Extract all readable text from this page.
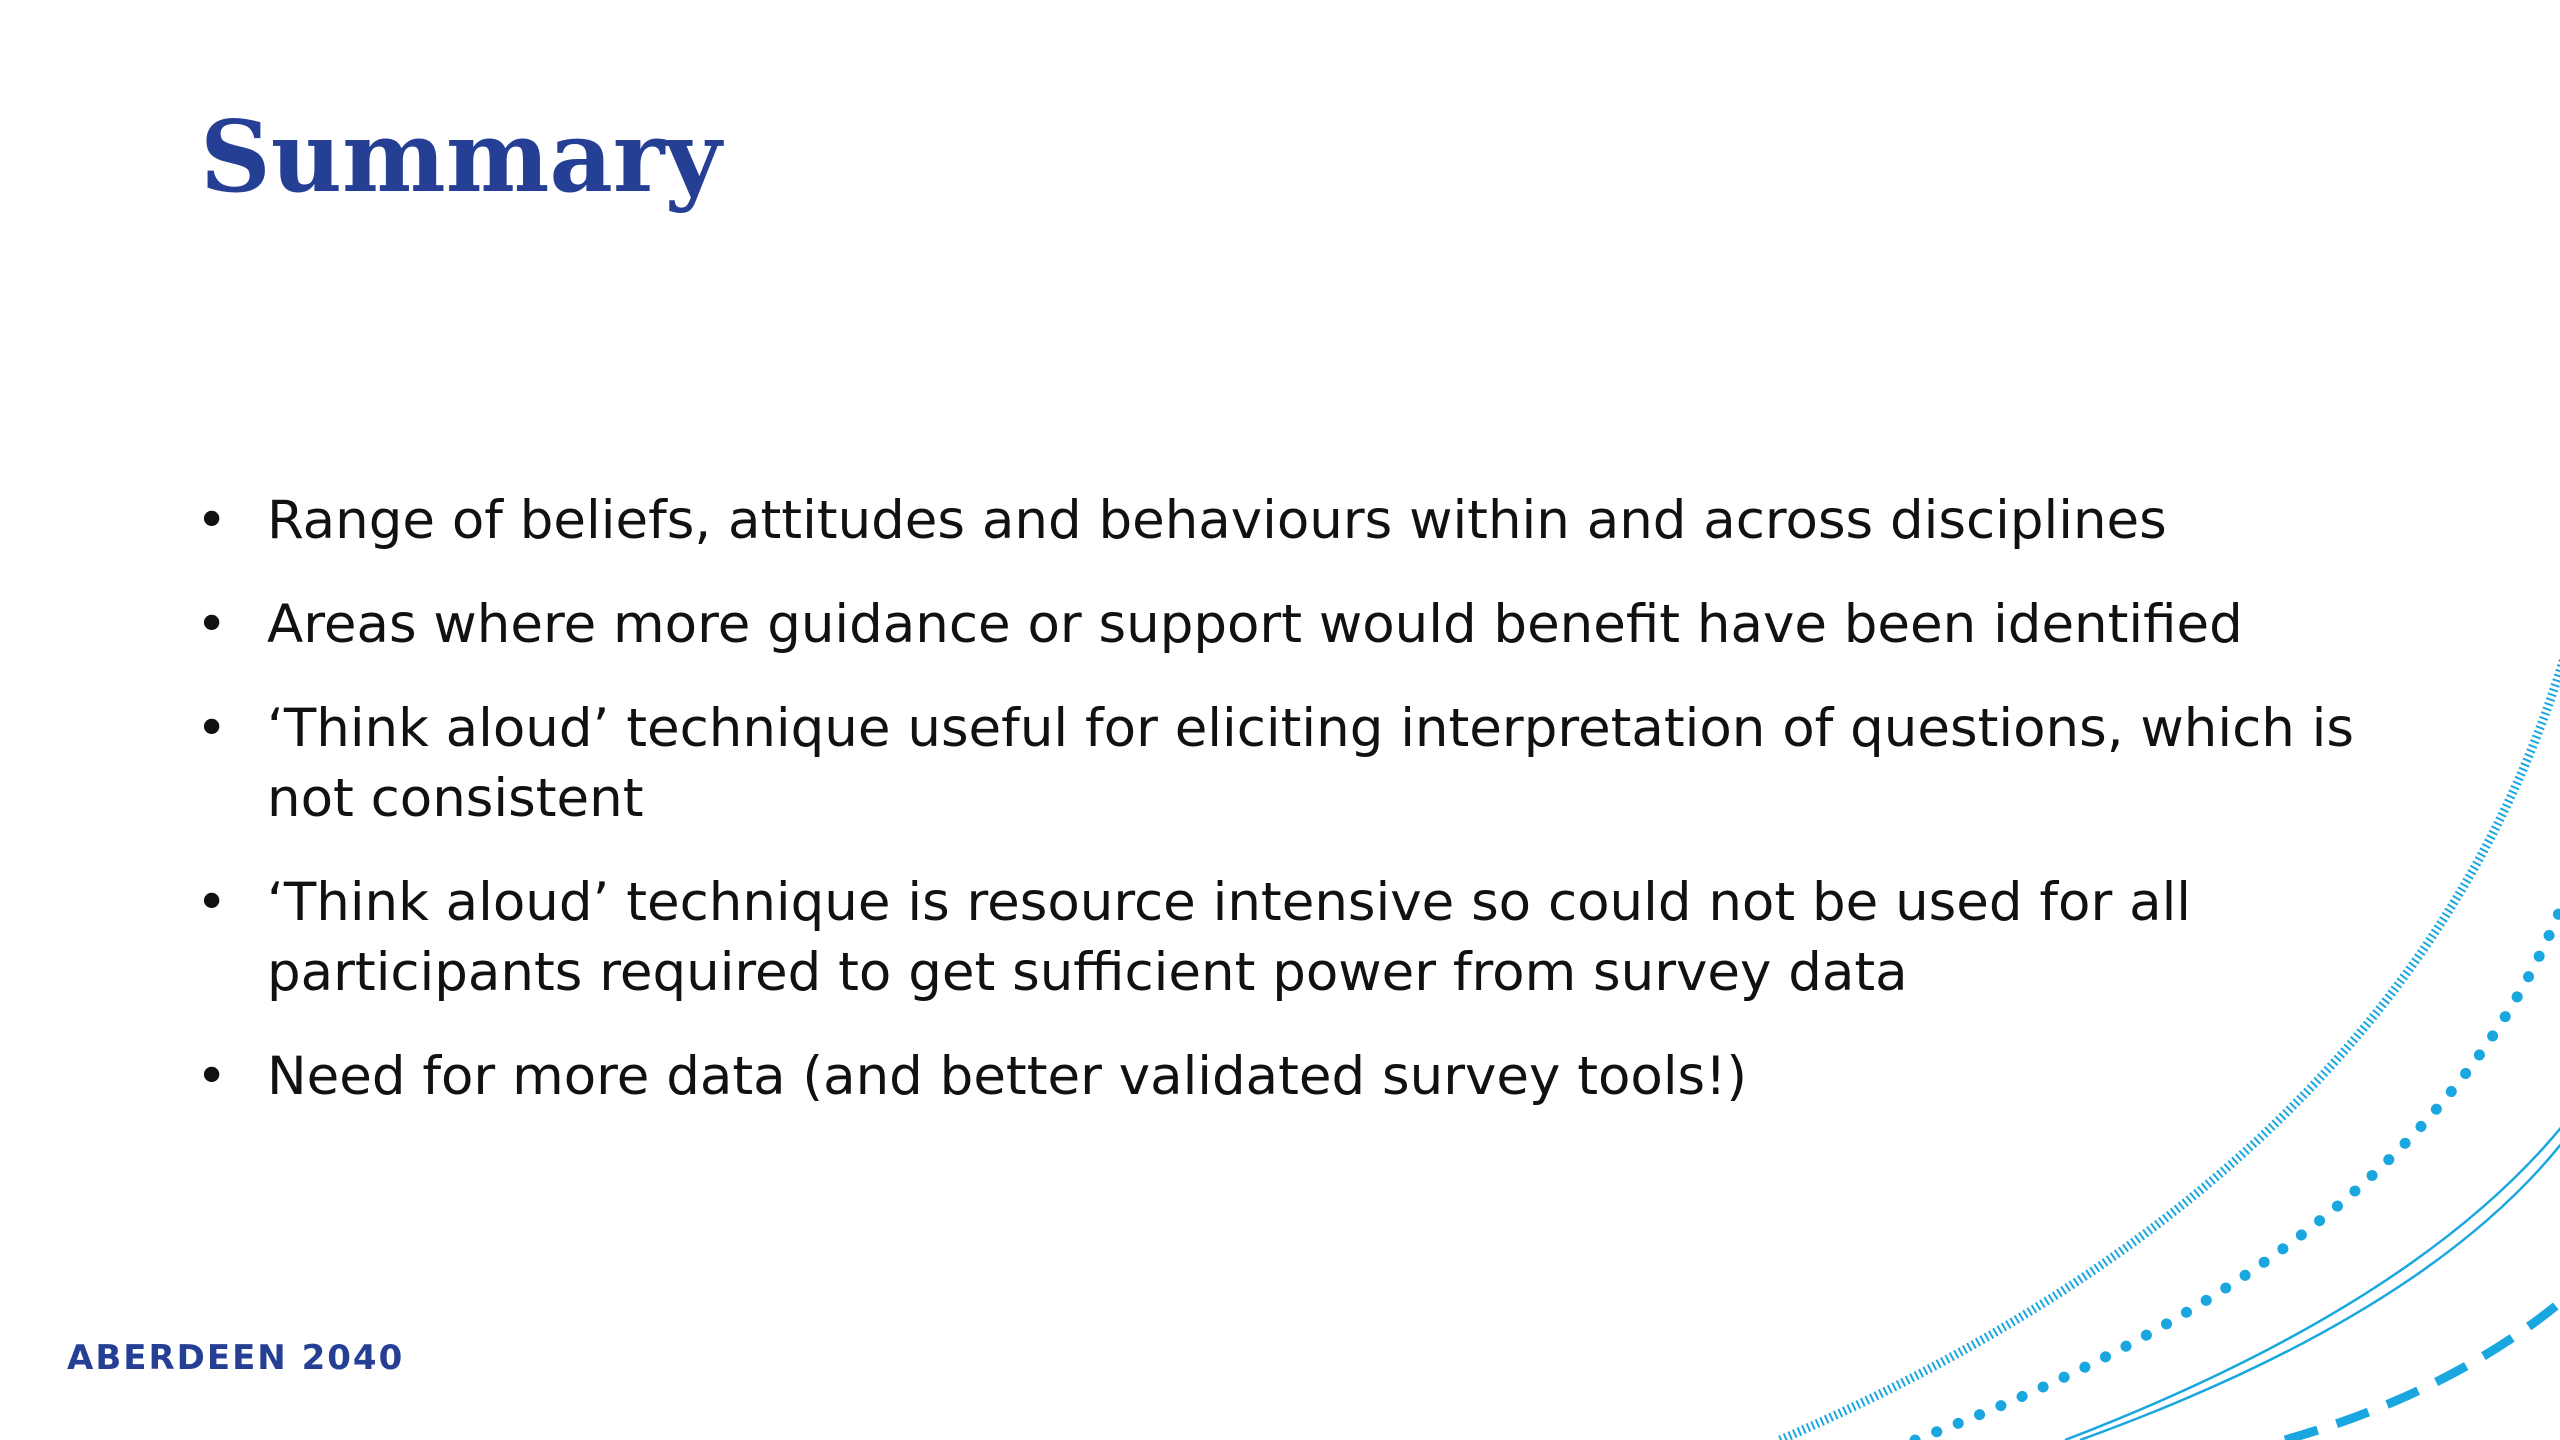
Summary
• Range of beliefs, attitudes and behaviours within and across disciplines
• Areas where more guidance or support would benefit have been identified
• ‘Think aloud’ technique useful for eliciting interpretation of questions, which is not consistent
• ‘Think aloud’ technique is resource intensive so could not be used for all participants required to get sufficient power from survey data
• Need for more data (and better validated survey tools!)
ABERDEEN 2040
